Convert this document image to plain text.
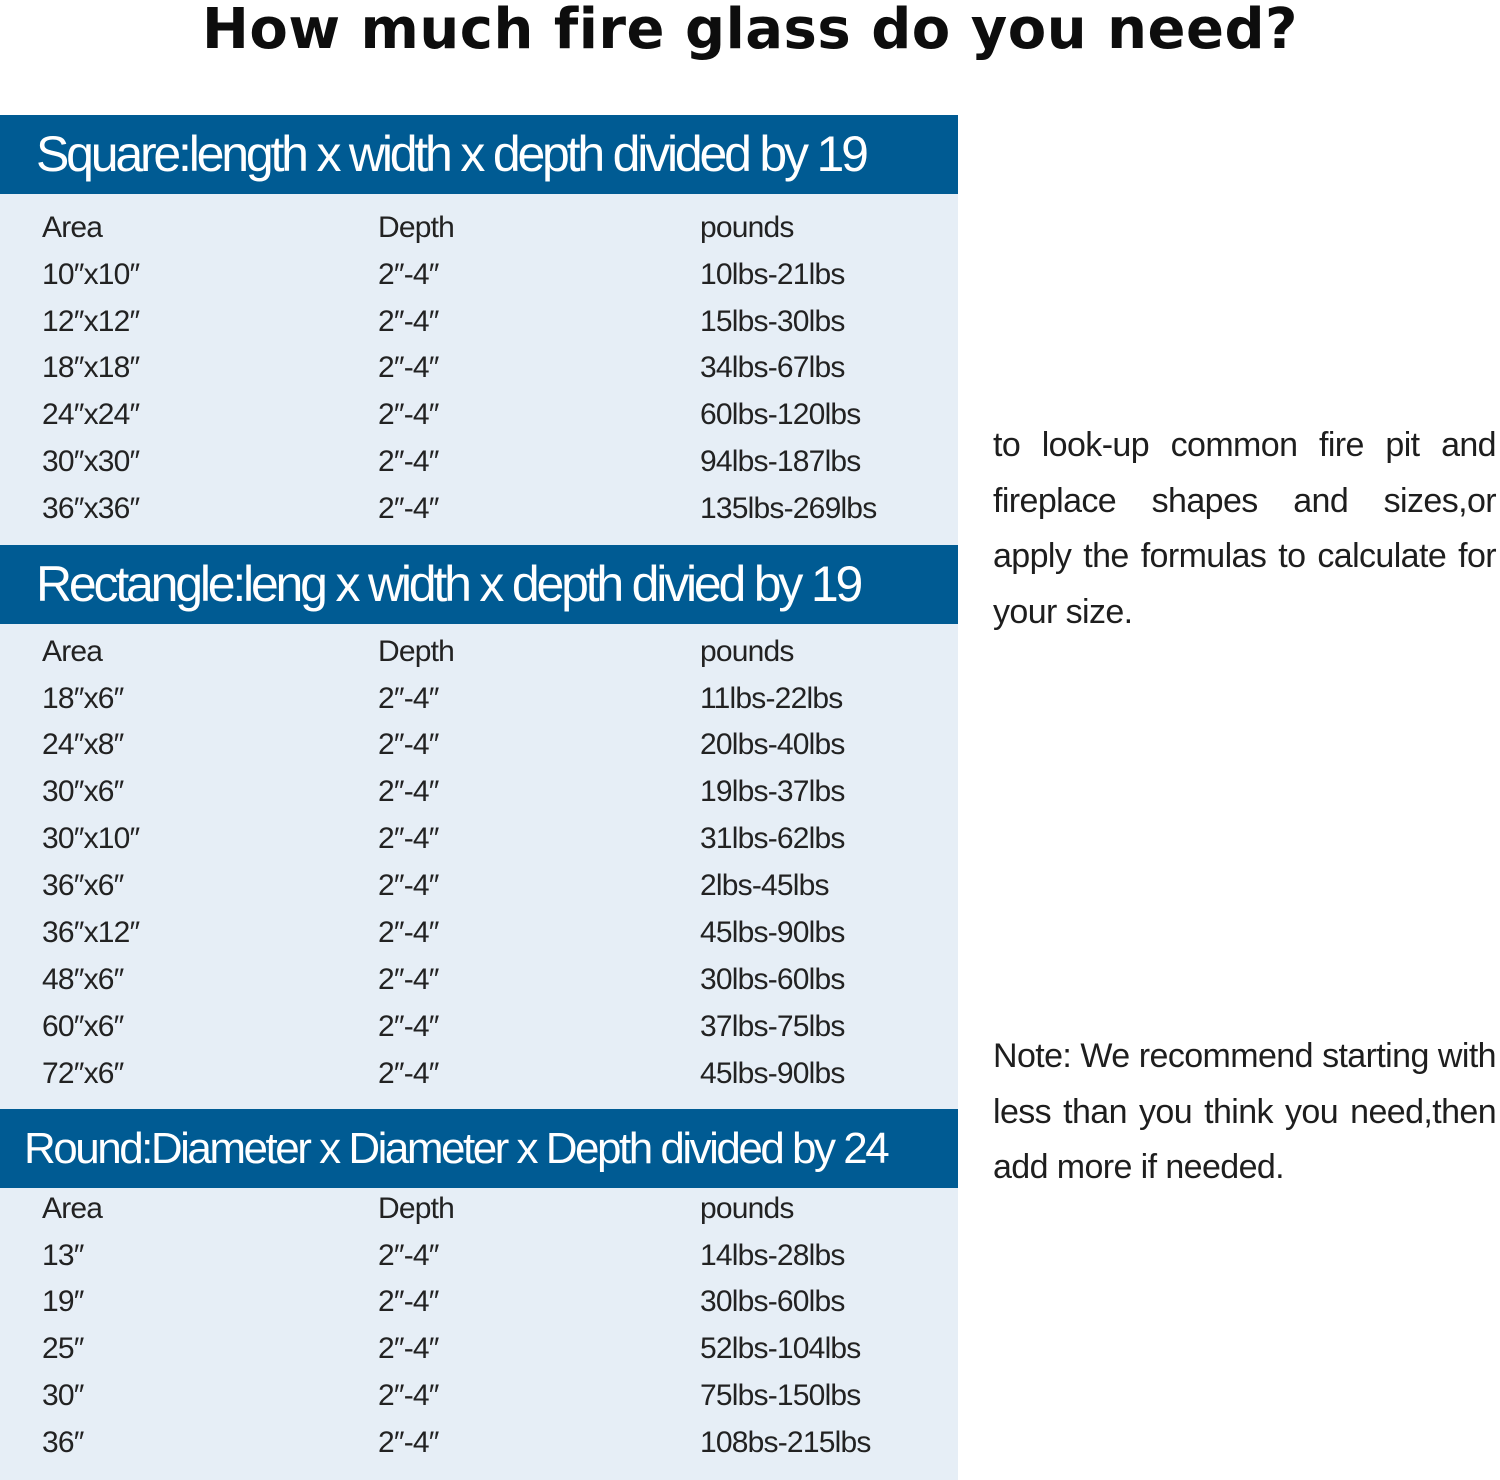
How much fire glass do you need?
Square:length x width x depth divided by 19
Area	Depth	pounds
10″x10″	2″-4″	10lbs-21lbs
12″x12″	2″-4″	15lbs-30lbs
18″x18″	2″-4″	34lbs-67lbs
24″x24″	2″-4″	60lbs-120lbs
30″x30″	2″-4″	94lbs-187lbs
36″x36″	2″-4″	135lbs-269lbs
Rectangle:leng x width x depth divied by 19
Area	Depth	pounds
18″x6″	2″-4″	11lbs-22lbs
24″x8″	2″-4″	20lbs-40lbs
30″x6″	2″-4″	19lbs-37lbs
30″x10″	2″-4″	31lbs-62lbs
36″x6″	2″-4″	2lbs-45lbs
36″x12″	2″-4″	45lbs-90lbs
48″x6″	2″-4″	30lbs-60lbs
60″x6″	2″-4″	37lbs-75lbs
72″x6″	2″-4″	45lbs-90lbs
Round:Diameter x Diameter x Depth divided by 24
Area	Depth	pounds
13″	2″-4″	14lbs-28lbs
19″	2″-4″	30lbs-60lbs
25″	2″-4″	52lbs-104lbs
30″	2″-4″	75lbs-150lbs
36″	2″-4″	108bs-215lbs
to look-up common fire pit and fireplace shapes and sizes,or apply the formulas to calculate for your size.
Note: We recommend starting with less than you think you need,then add more if needed.
